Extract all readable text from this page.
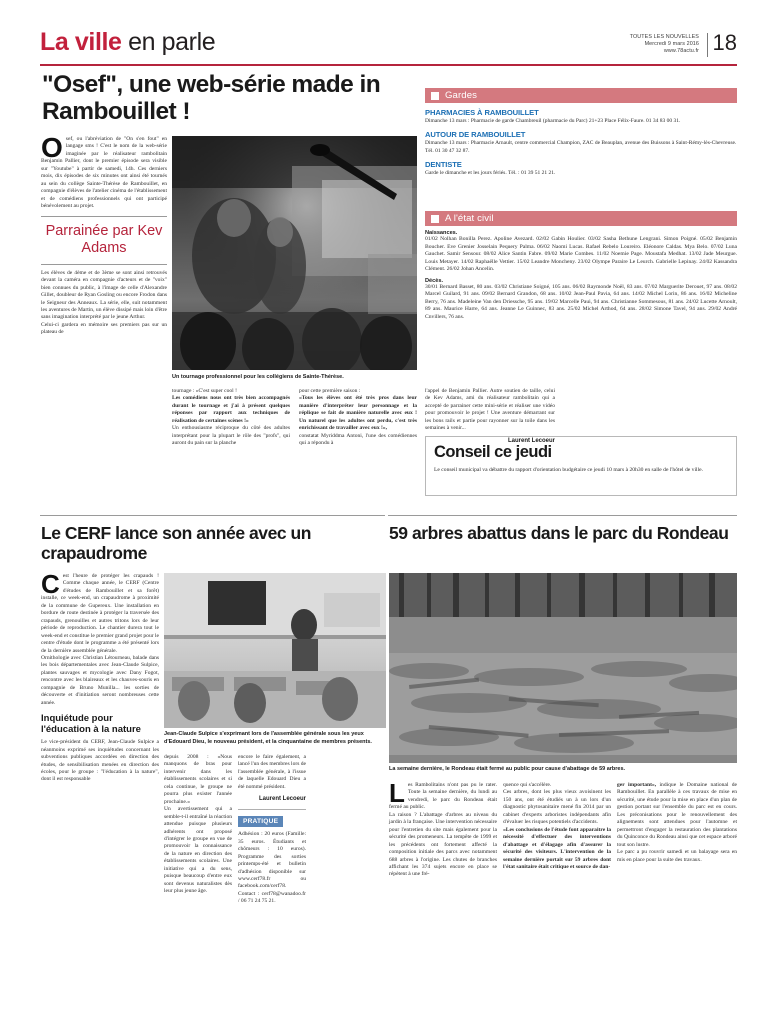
La ville en parle	TOUTES LES NOUVELLES
Mercredi 9 mars 2016
www.78actu.fr 18
"Osef", une web-série made in Rambouillet !
Osef, ou l'abréviation de "On s'en fout" en langage sms ! C'est le nom de la web-série imaginée par le réalisateur rambolitain Benjamin Pallier, dont le premier épisode sera visible sur "Youtube" à partir de samedi, 14h. Ces derniers mois, dix épisodes de six minutes ont ainsi été tournés au sein du collège Sainte-Thérèse de Rambouillet, en compagnie d'élèves de l'atelier cinéma de l'établissement et de comédiens professionnels qui ont participé bénévolement au projet.
Parrainée par Kev Adams
Les élèves de 4ème et de 3ème se sont ainsi retrouvés devant la caméra en compagnie d'acteurs et de "voix" bien connues du public, à l'image de celle d'Alexandre Gillet, doubleur de Ryan Gosling ou encore Frodon dans le Seigneur des Anneaux. La série, elle, suit notamment les aventures de Martin, un élève dissipé mais loin d'être sans imagination interprété par le jeune Arthur.
Celui-ci gardera en mémoire ses premiers pas sur un plateau de
Un tournage professionnel pour les collégiens de Sainte-Thérèse.
tournage : «C'est super cool !
Les comédiens nous ont très bien accompagnés durant le tournage et j'ai à présent quelques réponses par rapport aux techniques de réalisation de certaines scènes !»
Un enthousiasme réciproque du côté des adultes interprétant pour la plupart le rôle des "profs", qui auront du pain sur la planche
pour cette première saison :
«Tous les élèves ont été très pros dans leur manière d'interpréter leur personnage et la réplique se fait de manière naturelle avec eux ! Un naturel que les adultes ont perdu, c'est très enrichissant de travailler avec eux !»,
constatat Myriddma Antoni, l'une des comédiennes qui a répondu à
l'appel de Benjamin Pallier. Autre soutien de taille, celui de Kev Adams, ami du réalisateur rambolitain qui a accepté de parrainer cette mini-série et réaliser une vidéo pour promouvoir le projet ! Une aventure démarrant sur les bons rails et partie pour rayonner sur la toile dans les semaines à venir...
Laurent Lecoeur
Gardes
PHARMACIES À RAMBOUILLET
Dimanche 13 mars : Pharmacie de garde Chambreuil (pharmacie du Parc) 21+23 Place Félix-Faure. 01 34 83 00 31.
AUTOUR DE RAMBOUILLET
Dimanche 13 mars : Pharmacie Arnault, centre commercial Champion, ZAC de Beauplan, avenue des Buissons à Saint-Rémy-lès-Chevreuse. Tél. 01 30 47 32 87.
DENTISTE
Garde le dimanche et les jours fériés. Tél. : 01 39 51 21 21.
A l'état civil
Naissances.
01/02 Nolhan Bonilla Perez. Apoline Avezard. 02/02 Gabin Houlier. 03/02 Sasha Bethune Lengrani. Simon Poigné. 05/02 Benjamin Boucher. Eve Grenier Josselain Pequery Palma. 06/02 Naomi Lucas. Rafael Rebelo Loureiro. Eléonore Caldas. Mya Belo. 07/02 Luna Gauchet. Samir Sensour. 08/02 Alice Santin Fabre. 09/02 Marie Combes. 11/02 Noemie Page. Moustafa Medhat. 13/02 Jade Meurgue. Louis Metayer. 14/02 Raphaëlle Vettier. 15/02 Leandre Moncheny. 23/02 Olympe Paraire Le Leurch. Gabrielle Lepinay. 24/02 Kassandra Clément. 26/02 Johan Ancelin.
Décès.
30/01 Bernard Basset, 80 ans. 03/02 Christiane Soigné, 105 ans. 06/02 Raymonde Noël, 83 ans. 07/02 Marguerite Derouet, 97 ans. 08/02 Marcel Guilard, 91 ans. 09/02 Bernard Grandon, 68 ans. 10/02 Jean-Paul Pavia, 64 ans. 14/02 Michel Lorin, 86 ans. 16/02 Micheline Berry, 76 ans. Madeleine Van den Driessche, 95 ans. 19/02 Marcelle Paui, 94 ans. Christianne Sommesous, 81 ans. 24/02 Lucette Arnoult, 89 ans. Maurice Harre, 64 ans. Jeanne Le Guinnec, 83 ans. 25/02 Michel Arthod, 64 ans. 28/02 Simone Tavel, 94 ans. 29/02 André Cnvillers, 76 ans.
Conseil ce jeudi
Le conseil municipal va débattre du rapport d'orientation budgétaire ce jeudi 10 mars à 20h30 en salle de l'hôtel de ville.
Le CERF lance son année avec un crapaudrome
Cest l'heure de protéger les crapauds ! Comme chaque année, le CERF (Centre d'études de Rambouillet et sa forêt) installe, ce week-end, un crapaudrome à proximité de la commune de Gupereux. Une installation en bordure de route destinée à protéger la traversée des crapauds, grenouilles et autres tritons lors de leur période de reproduction. Le chantier durera tout le week-end et constitue le premier grand projet pour le centre d'étude dont le programme a été présenté lors de la dernière assemblée générale.
Ornithologie avec Christian Létourneau, balade dans les bois départementales avec Jean-Claude Sulpice, plantes sauvages et mycologie avec Dany Fogot, rencontre avec les blaireaux et les chauves-souris en compagnie de Bruno Munilla... les sorties de découverte et d'initiation seront nombreuses cette année.
Inquiétude pour l'éducation à la nature
Le vice-président du CERF, Jean-Claude Sulpice a néanmoins exprimé ses inquiétudes concernant les subventions publiques accordées en direction des études, de sensibilisation menées en direction des écoles, pour le groupe : "l'éducation à la nature", dont il est responsable
Jean-Claude Sulpice s'exprimant lors de l'assemblée générale sous les yeux d'Edouard Dieu, le nouveau président, et la cinquantaine de membres présents.
depuis 2008 : «Nous manquons de bras pour intervenir dans les établissements scolaires et si cela continue, le groupe ne pourra plus exister l'année prochaine.»
Un avertissement qui a semble-t-il entraîné la réaction attendue puisque plusieurs adhérents ont proposé d'intégrer le groupe en vue de promouvoir la connaissance de la nature en direction des établissements scolaires. Une initiative qui a du sens, puisque beaucoup d'entre eux sont devenus naturalistes dès leur plus jeune âge.
encore le faire également, a lancé l'un des membres lors de l'assemblée générale, à l'issue de laquelle Edouard Dieu a été nommé président.
Laurent Lecoeur
PRATIQUE
Adhésion : 20 euros (Famille: 35 euros. Étudiants et chômeurs : 10 euros). Programme des sorties printemps-été et bulletin d'adhésion disponible sur www.cerf78.fr ou facebook.com/cerf78.
Contact : cerf78@wanadoo.fr / 06 71 24 75 21.
59 arbres abattus dans le parc du Rondeau
La semaine dernière, le Rondeau était fermé au public pour cause d'abattage de 59 arbres.
Les Rambolitains n'ont pas pu le rater. Toute la semaine dernière, du lundi au vendredi, le parc du Rondeau était fermé au public.
La raison ? L'abattage d'arbres au niveau du jardin à la française. Une intervention nécessaire pour l'entretien du site mais également pour la sécurité des promeneurs. La tempête de 1999 et les précédents ont fortement affecté la composition initiale des parcs avec notamment 688 arbres à l'origine. Les chutes de branches affichant les 374 sujets encore en place se répètent à une fré-
quence qui s'accélère.
Ces arbres, dont les plus vieux avoisinent les 150 ans, ont été étudiés un à un lors d'un diagnostic phytosanitaire mené fin 2014 par un cabinet d'experts arboristes indépendants afin d'évaluer les risques potentiels d'accidents.
«Les conclusions de l'étude font apparaitre la nécessité d'effectuer des interventions d'abattage et d'élagage afin d'assurer la sécurité des visiteurs. L'intervention de la semaine dernière portait sur 59 arbres dont l'état sanitaire était critique et source de dan-
ger important», indique le Domaine national de Rambouillet. En parallèle à ces travaux de mise en sécurité, une étude pour la mise en place d'un plan de gestion portant sur l'ensemble du parc est en cours. Les préconisations pour le renouvellement des alignements sont attendues pour l'automne et permettront d'engager la restauration des plantations du Quinconce du Rondeau ainsi que cet espace arboré tout son lustre.
Le parc a pu rouvrir samedi et un balayage sera en mis en place pour la suite des travaux.
